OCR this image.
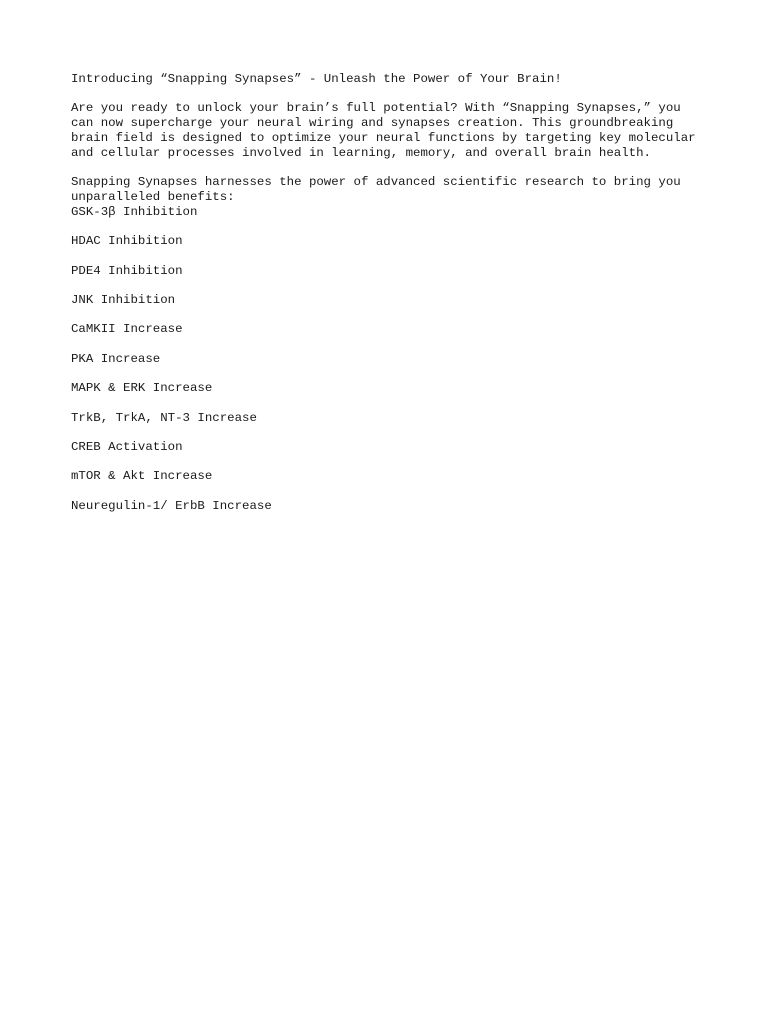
Introducing “Snapping Synapses” - Unleash the Power of Your Brain!
Are you ready to unlock your brain’s full potential? With “Snapping Synapses,” you can now supercharge your neural wiring and synapses creation. This groundbreaking brain field is designed to optimize your neural functions by targeting key molecular and cellular processes involved in learning, memory, and overall brain health.
Snapping Synapses harnesses the power of advanced scientific research to bring you unparalleled benefits:
GSK-3β Inhibition
HDAC Inhibition
PDE4 Inhibition
JNK Inhibition
CaMKII Increase
PKA Increase
MAPK & ERK Increase
TrkB, TrkA, NT-3 Increase
CREB Activation
mTOR & Akt Increase
Neuregulin-1/ ErbB Increase
